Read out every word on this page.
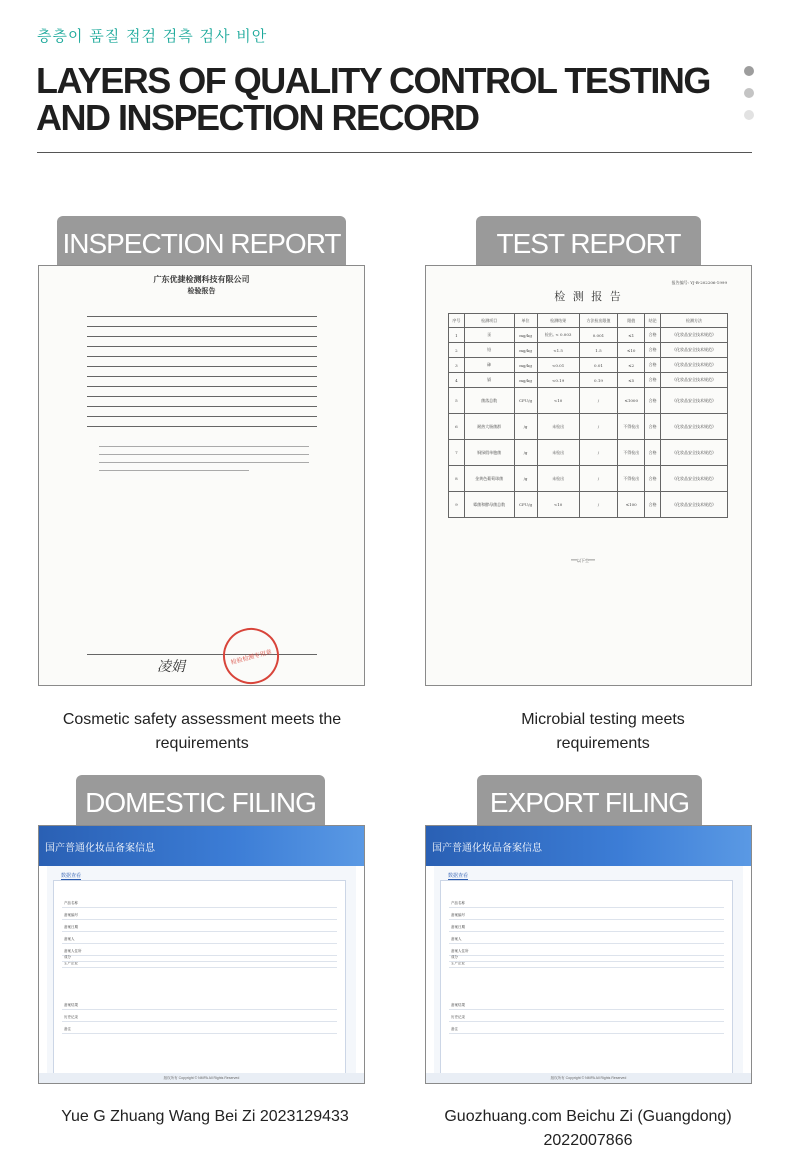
층층이 품질 점검 검측 검사 비안
LAYERS OF QUALITY CONTROL TESTING AND INSPECTION RECORD
INSPECTION REPORT
广东优捷检测科技有限公司
检验报告
凌娟
检验检测专用章
Cosmetic safety assessment meets the requirements
TEST REPORT
报告编号: YJ-B-202206-1999
检 测 报 告
序号	检测项目	单位	检测结果	方法检出限值	限值	结论	检测方法
1	汞	mg/kg	检出, < 0.003	0.001	≤1	合格	《化妆品安全技术规范》
2	铅	mg/kg	<1.5	1.5	≤10	合格	《化妆品安全技术规范》
3	砷	mg/kg	<0.01	0.01	≤2	合格	《化妆品安全技术规范》
4	镉	mg/kg	<0.19	0.19	≤5	合格	《化妆品安全技术规范》
5	菌落总数	CFU/g	<10	/	≤1000	合格	《化妆品安全技术规范》
6	耐热大肠菌群	/g	未检出	/	不得检出	合格	《化妆品安全技术规范》
7	铜绿假单胞菌	/g	未检出	/	不得检出	合格	《化妆品安全技术规范》
8	金黄色葡萄球菌	/g	未检出	/	不得检出	合格	《化妆品安全技术规范》
9	霉菌和酵母菌总数	CFU/g	<10	/	≤100	合格	《化妆品安全技术规范》
***以下空***
Microbial testing meets requirements
DOMESTIC FILING
国产普通化妆品备案信息
数据查看
产品名称
备案编号
备案日期
备案人
备案人住所
生产企业
成分
备案结果
历史记录
备注
版权所有 Copyright © NMPA All Rights Reserved
Yue G Zhuang Wang Bei Zi 2023129433
EXPORT FILING
国产普通化妆品备案信息
数据查看
产品名称
备案编号
备案日期
备案人
备案人住所
生产企业
成分
备案结果
历史记录
备注
版权所有 Copyright © NMPA All Rights Reserved
Guozhuang.com Beichu Zi (Guangdong) 2022007866
